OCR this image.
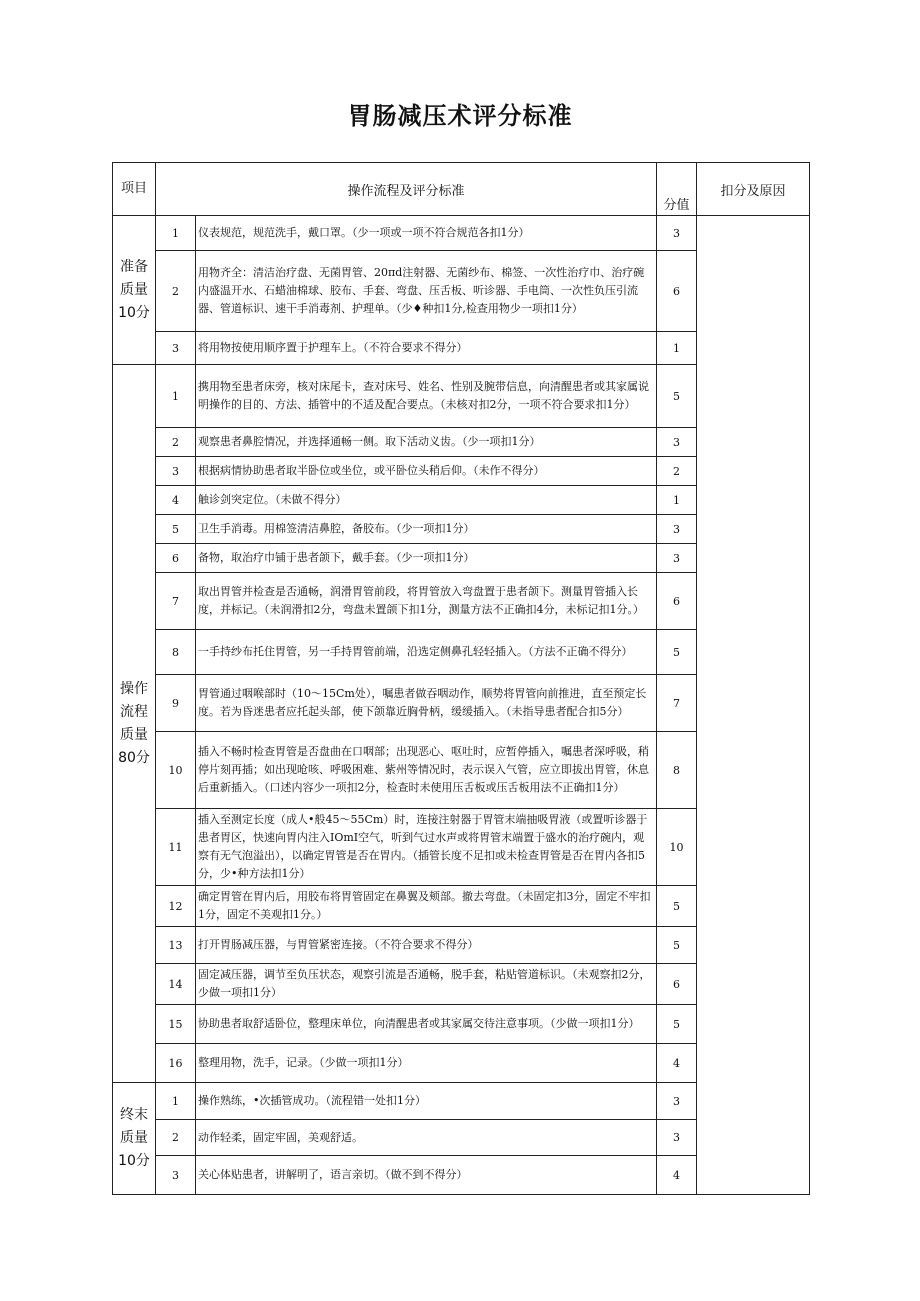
胃肠减压术评分标准
项目	操作流程及评分标准		分值	扣分及原因
准备质量10分	1	仪表规范，规范洗手，戴口罩。（少一项或一项不符合规范各扣1分）	3	
	2	用物齐全：清洁治疗盘、无菌胃管、20πd注射器、无菌纱布、棉签、一次性治疗巾、治疗碗内盛温开水、石蜡油棉球、胶布、手套、弯盘、压舌板、听诊器、手电筒、一次性负压引流器、管道标识、速干手消毒剂、护理单。（少♦种扣1分,检查用物少一项扣1分）	6	
	3	将用物按使用顺序置于护理车上。（不符合要求不得分）	1	
操作流程质量80分	1	携用物至患者床旁，核对床尾卡，查对床号、姓名、性别及腕带信息，向清醒患者或其家属说明操作的目的、方法、插管中的不适及配合要点。（未核对扣2分，一项不符合要求扣1分）	5	
	2	观察患者鼻腔情况，并选择通畅一侧。取下活动义齿。（少一项扣1分）	3	
	3	根据病情协助患者取半卧位或坐位，或平卧位头稍后仰。（未作不得分）	2	
	4	触诊剑突定位。（未做不得分）	1	
	5	卫生手消毒。用棉签清洁鼻腔，备胶布。（少一项扣1分）	3	
	6	备物，取治疗巾铺于患者颌下，戴手套。（少一项扣1分）	3	
	7	取出胃管并检查是否通畅，润滑胃管前段，将胃管放入弯盘置于患者颌下。测量胃管插入长度，并标记。（未润滑扣2分，弯盘未置颌下扣1分，测量方法不正确扣4分，未标记扣1分。）	6	
	8	一手持纱布托住胃管，另一手持胃管前端，沿选定侧鼻孔轻轻插入。（方法不正确不得分）	5	
	9	胃管通过咽喉部时（10～15Cm处），嘱患者做吞咽动作，顺势将胃管向前推进，直至预定长度。若为昏迷患者应托起头部，使下颌靠近胸骨柄，缓缓插入。（未指导患者配合扣5分）	7	
	10	插入不畅时检查胃管是否盘曲在口咽部；出现恶心、呕吐时，应暂停插入，嘱患者深呼吸，稍停片刻再插；如出现呛咳、呼吸困难、紫州等情况时，表示误入气管，应立即拔出胃管，休息后重新插入。（口述内容少一项扣2分，检查时未使用压舌板或压舌板用法不正确扣1分）	8	
	11	插入至测定长度（成人•般45～55Cm）时，连接注射器于胃管末端抽吸胃液（或置听诊器于患者胃区，快速向胃内注入IOmI空气，听到气过水声或将胃管末端置于盛水的治疗碗内，观察有无气泡溢出），以确定胃管是否在胃内。（插管长度不足扣或未检查胃管是否在胃内各扣5分，少•种方法扣1分）	10	
	12	确定胃管在胃内后，用胶布将胃管固定在鼻翼及颊部。撤去弯盘。（未固定扣3分，固定不牢扣1分，固定不美观扣1分。）	5	
	13	打开胃肠减压器，与胃管紧密连接。（不符合要求不得分）	5	
	14	固定减压器，调节至负压状态，观察引流是否通畅，脱手套，粘贴管道标识。（未观察扣2分，少做一项扣1分）	6	
	15	协助患者取舒适卧位，整理床单位，向清醒患者或其家属交待注意事项。（少做一项扣1分）	5	
	16	整理用物，洗手，记录。（少做一项扣1分）	4	
终末质量10分	1	操作熟练，•次插管成功。（流程错一处扣1分）	3	
	2	动作轻柔，固定牢固，美观舒适。	3	
	3	关心体贴患者，讲解明了，语言亲切。（做不到不得分）	4	
